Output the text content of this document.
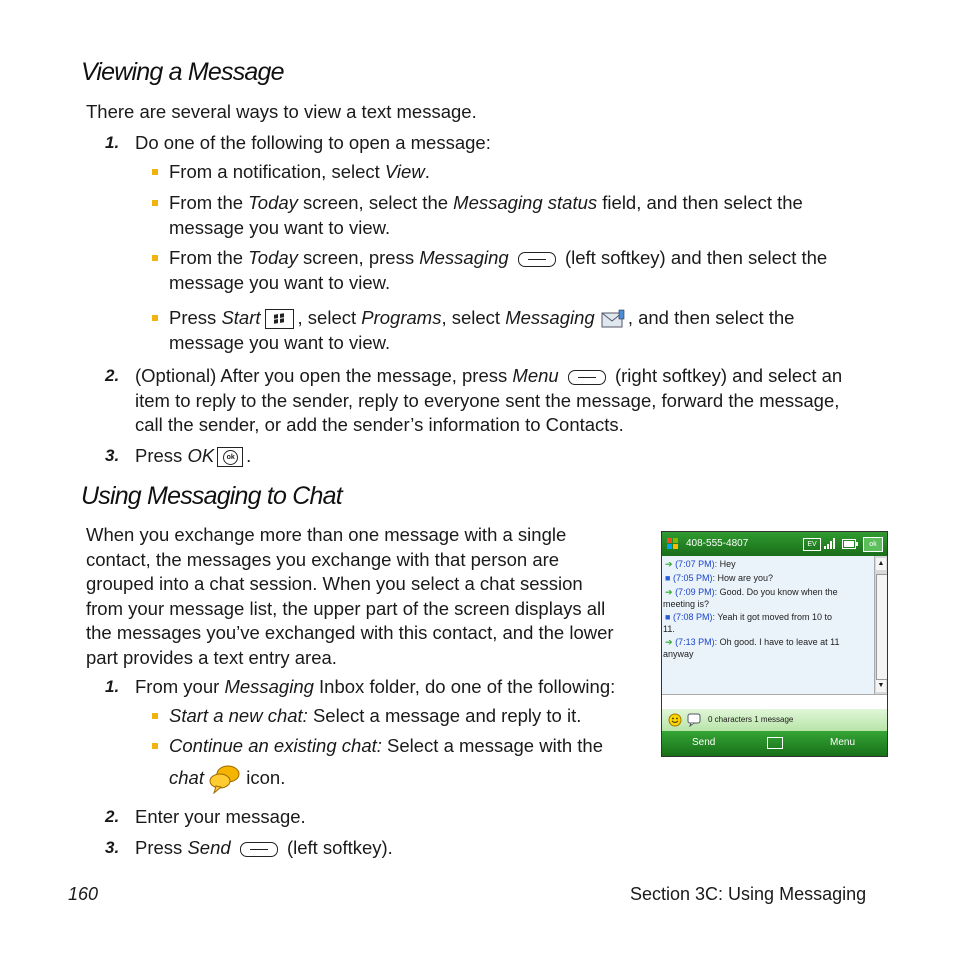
Viewing a Message
There are several ways to view a text message.
1. Do one of the following to open a message:
From a notification, select View.
From the Today screen, select the Messaging status field, and then select the
message you want to view.
From the Today screen, press Messaging	(left softkey) and then select the
message you want to view.
Press Start , select Programs, select Messaging , and then select the
message you want to view.
2. (Optional) After you open the message, press Menu	(right softkey) and select an
item to reply to the sender, reply to everyone sent the message, forward the message,
call the sender, or add the sender’s information to Contacts.
3. Press OK	ok .
Using Messaging to Chat
When you exchange more than one message with a single
contact, the messages you exchange with that person are
grouped into a chat session. When you select a chat session
from your message list, the upper part of the screen displays all
the messages you’ve exchanged with this contact, and the lower
part provides a text entry area.
1. From your Messaging Inbox folder, do one of the following:
Start a new chat: Select a message and reply to it.
Continue an existing chat: Select a message with the
chat icon.
2. Enter your message.
3. Press Send	(left softkey).
408-555-4807	EV	ok
➔ (7:07 PM): Hey
■ (7:05 PM): How are you?
➔ (7:09 PM): Good. Do you know when the
meeting is?
■ (7:08 PM): Yeah it got moved from 10 to
11.
➔ (7:13 PM): Oh good. I have to leave at 11
anyway
▲
▼
0 characters 1 message
Send	Menu
160	Section 3C: Using Messaging
